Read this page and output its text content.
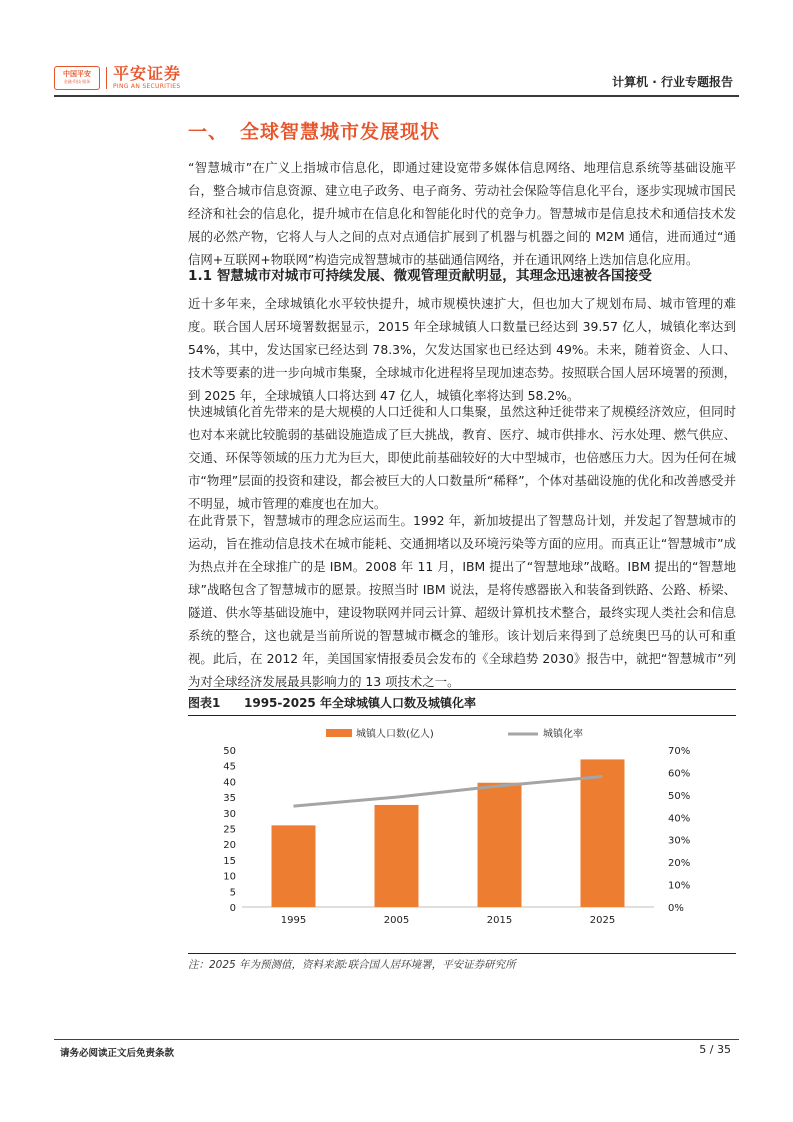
中国平安
金融·科技·服务 平安证券
PING AN SECURITIES	计算机 · 行业专题报告
一、 全球智慧城市发展现状
“智慧城市”在广义上指城市信息化，即通过建设宽带多媒体信息网络、地理信息系统等基础设施平台，整合城市信息资源、建立电子政务、电子商务、劳动社会保险等信息化平台，逐步实现城市国民经济和社会的信息化，提升城市在信息化和智能化时代的竞争力。智慧城市是信息技术和通信技术发展的必然产物，它将人与人之间的点对点通信扩展到了机器与机器之间的 M2M 通信，进而通过“通信网+互联网+物联网”构造完成智慧城市的基础通信网络，并在通讯网络上迭加信息化应用。
1.1 智慧城市对城市可持续发展、微观管理贡献明显，其理念迅速被各国接受
近十多年来，全球城镇化水平较快提升，城市规模快速扩大，但也加大了规划布局、城市管理的难度。联合国人居环境署数据显示，2015 年全球城镇人口数量已经达到 39.57 亿人，城镇化率达到 54%，其中，发达国家已经达到 78.3%，欠发达国家也已经达到 49%。未来，随着资金、人口、技术等要素的进一步向城市集聚，全球城市化进程将呈现加速态势。按照联合国人居环境署的预测，到 2025 年，全球城镇人口将达到 47 亿人，城镇化率将达到 58.2%。
快速城镇化首先带来的是大规模的人口迁徙和人口集聚，虽然这种迁徙带来了规模经济效应，但同时也对本来就比较脆弱的基础设施造成了巨大挑战，教育、医疗、城市供排水、污水处理、燃气供应、交通、环保等领域的压力尤为巨大，即使此前基础较好的大中型城市，也倍感压力大。因为任何在城市“物理”层面的投资和建设，都会被巨大的人口数量所“稀释”，个体对基础设施的优化和改善感受并不明显，城市管理的难度也在加大。
在此背景下，智慧城市的理念应运而生。1992 年，新加坡提出了智慧岛计划，并发起了智慧城市的运动，旨在推动信息技术在城市能耗、交通拥堵以及环境污染等方面的应用。而真正让“智慧城市”成为热点并在全球推广的是 IBM。2008 年 11 月，IBM 提出了“智慧地球”战略。IBM 提出的“智慧地球”战略包含了智慧城市的愿景。按照当时 IBM 说法，是将传感器嵌入和装备到铁路、公路、桥梁、隧道、供水等基础设施中，建设物联网并同云计算、超级计算机技术整合，最终实现人类社会和信息系统的整合，这也就是当前所说的智慧城市概念的雏形。该计划后来得到了总统奥巴马的认可和重视。此后，在 2012 年，美国国家情报委员会发布的《全球趋势 2030》报告中，就把“智慧城市”列为对全球经济发展最具影响力的 13 项技术之一。
图表1 1995-2025 年全球城镇人口数及城镇化率
0
5
10
15
20
25
30
35
40
45
50
0%
10%
20%
30%
40%
50%
60%
70%
1995	2005	2015	2025
城镇人口数(亿人)	城镇化率
注：2025 年为预测值，资料来源:联合国人居环境署，平安证券研究所
请务必阅读正文后免责条款	5 / 35
